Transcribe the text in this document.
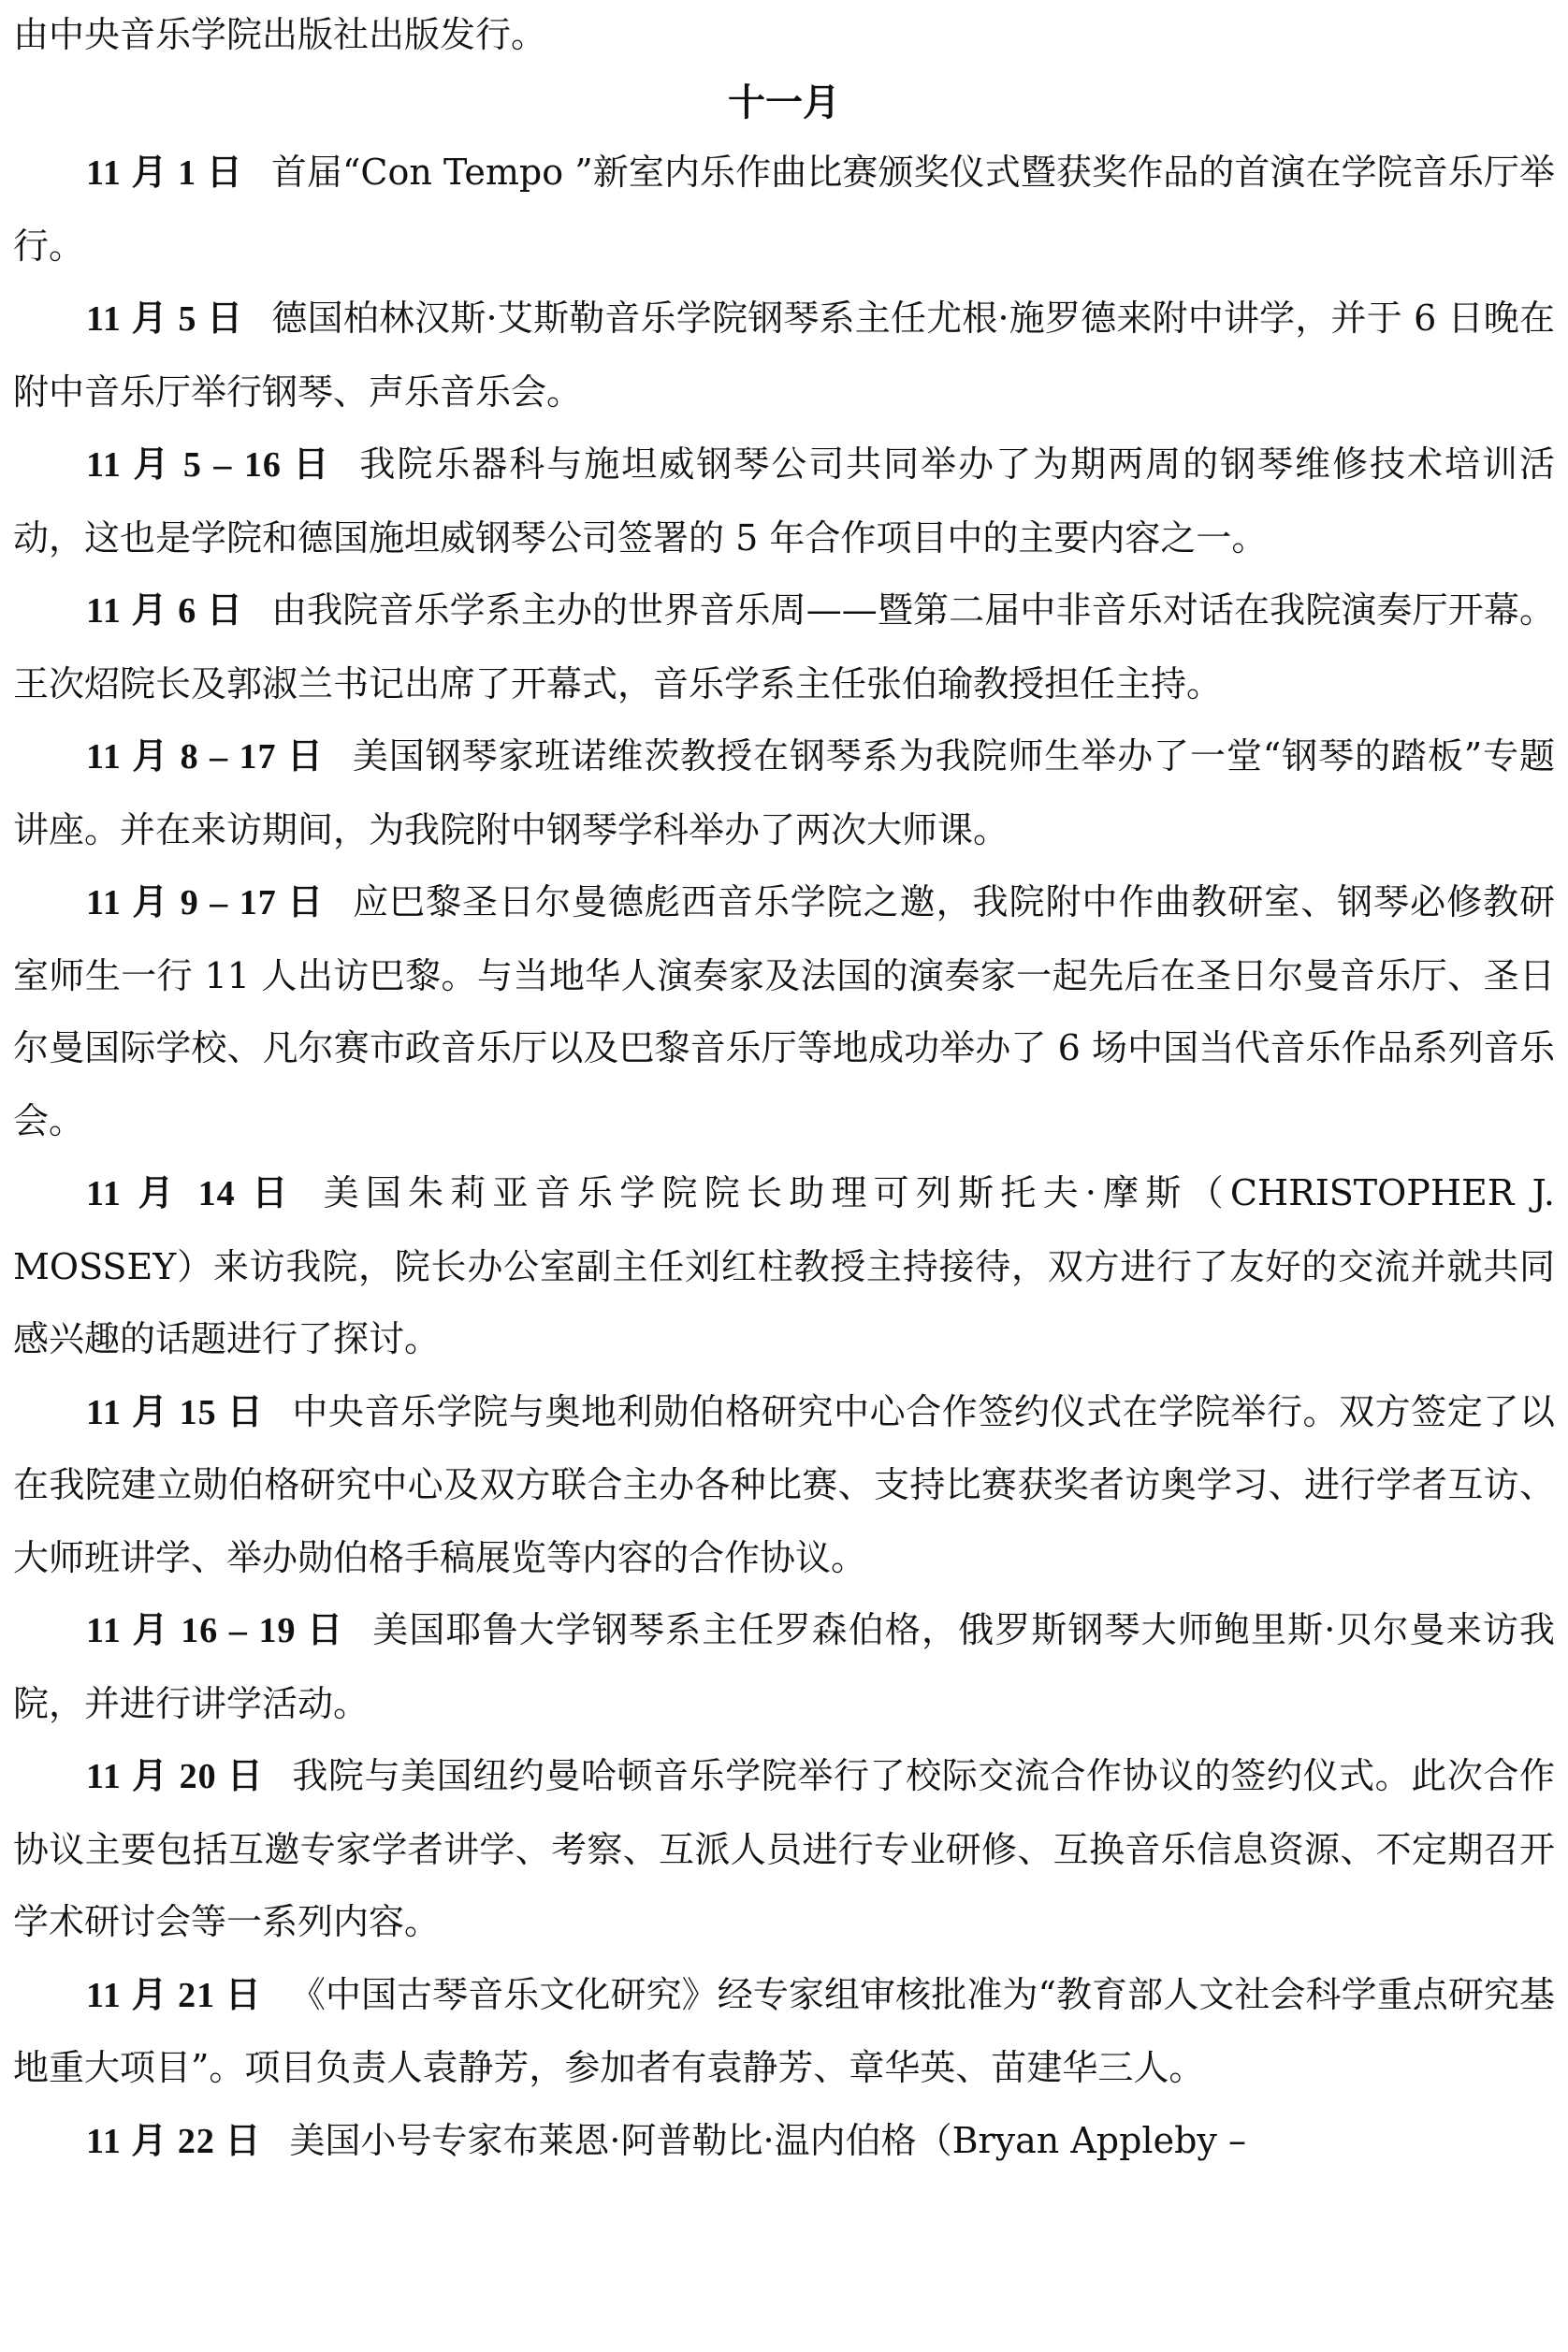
由中央音乐学院出版社出版发行。
十一月

11 月 1 日 首届“Con Tempo ”新室内乐作曲比赛颁奖仪式暨获奖作品的首演在学院音乐厅举行。

11 月 5 日 德国柏林汉斯·艾斯勒音乐学院钢琴系主任尤根·施罗德来附中讲学，并于 6 日晚在附中音乐厅举行钢琴、声乐音乐会。

11 月 5 – 16 日 我院乐器科与施坦威钢琴公司共同举办了为期两周的钢琴维修技术培训活动，这也是学院和德国施坦威钢琴公司签署的 5 年合作项目中的主要内容之一。

11 月 6 日 由我院音乐学系主办的世界音乐周——暨第二届中非音乐对话在我院演奏厅开幕。王次炤院长及郭淑兰书记出席了开幕式，音乐学系主任张伯瑜教授担任主持。

11 月 8 – 17 日 美国钢琴家班诺维茨教授在钢琴系为我院师生举办了一堂“钢琴的踏板”专题讲座。并在来访期间，为我院附中钢琴学科举办了两次大师课。

11 月 9 – 17 日 应巴黎圣日尔曼德彪西音乐学院之邀，我院附中作曲教研室、钢琴必修教研室师生一行 11 人出访巴黎。与当地华人演奏家及法国的演奏家一起先后在圣日尔曼音乐厅、圣日尔曼国际学校、凡尔赛市政音乐厅以及巴黎音乐厅等地成功举办了 6 场中国当代音乐作品系列音乐会。

11 月 14 日 美国朱莉亚音乐学院院长助理可列斯托夫·摩斯（CHRISTOPHER J. MOSSEY）来访我院，院长办公室副主任刘红柱教授主持接待，双方进行了友好的交流并就共同感兴趣的话题进行了探讨。

11 月 15 日 中央音乐学院与奥地利勋伯格研究中心合作签约仪式在学院举行。双方签定了以在我院建立勋伯格研究中心及双方联合主办各种比赛、支持比赛获奖者访奥学习、进行学者互访、大师班讲学、举办勋伯格手稿展览等内容的合作协议。

11 月 16 – 19 日 美国耶鲁大学钢琴系主任罗森伯格，俄罗斯钢琴大师鲍里斯·贝尔曼来访我院，并进行讲学活动。

11 月 20 日 我院与美国纽约曼哈顿音乐学院举行了校际交流合作协议的签约仪式。此次合作协议主要包括互邀专家学者讲学、考察、互派人员进行专业研修、互换音乐信息资源、不定期召开学术研讨会等一系列内容。

11 月 21 日 《中国古琴音乐文化研究》经专家组审核批准为“教育部人文社会科学重点研究基地重大项目”。项目负责人袁静芳，参加者有袁静芳、章华英、苗建华三人。

11 月 22 日 美国小号专家布莱恩·阿普勒比·温内伯格（Bryan Appleby –
